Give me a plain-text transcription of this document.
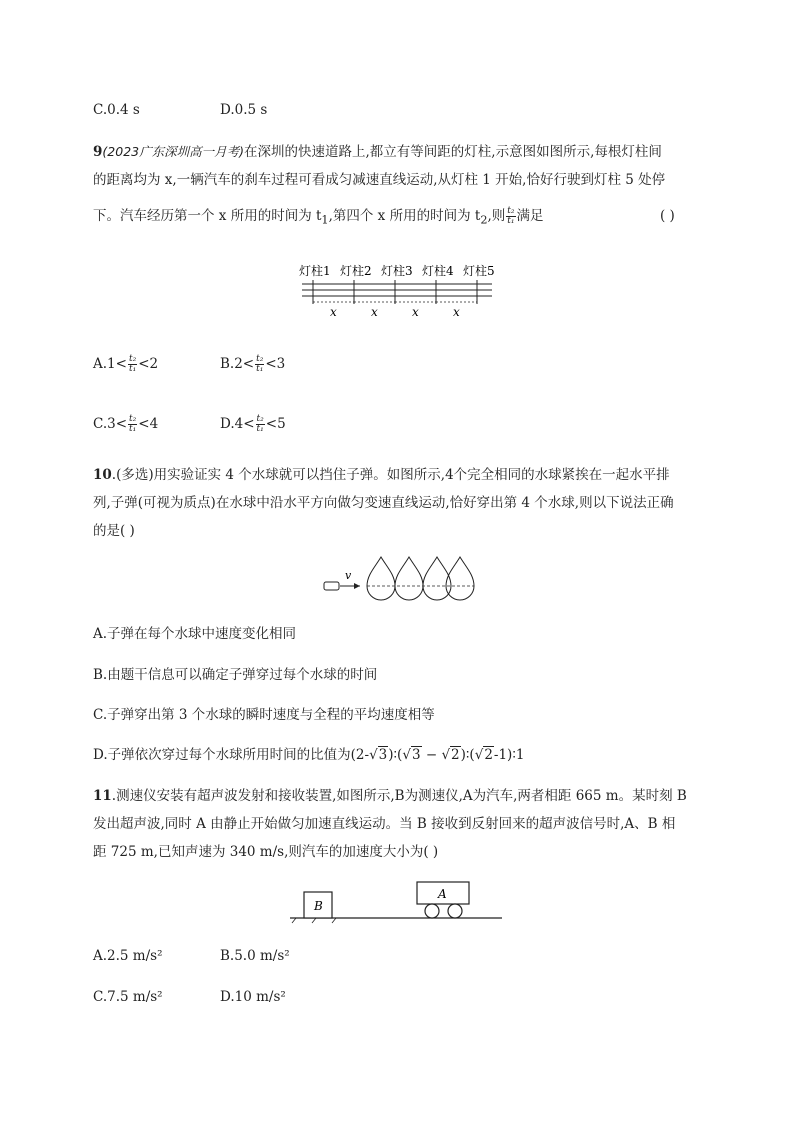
C.0.4 s	D.0.5 s
9(2023广东深圳高一月考)在深圳的快速道路上,都立有等间距的灯柱,示意图如图所示,每根灯柱间
的距离均为 x,一辆汽车的刹车过程可看成匀减速直线运动,从灯柱 1 开始,恰好行驶到灯柱 5 处停
下。汽车经历第一个 x 所用的时间为 $t_1$,第四个 x 所用的时间为 $t_2$,则 $\frac{\text{t₂}}{\text{t₁}}$ 满足	( )
灯柱1 灯柱2 灯柱3 灯柱4 灯柱5
x	x	x	x
$A.1< \frac{\text{t₂}}{\text{t₁}} <2$	$B.2< \frac{\text{t₂}}{\text{t₁}} <3$
$C.3< \frac{\text{t₂}}{\text{t₁}} <4$	$D.4< \frac{\text{t₂}}{\text{t₁}} <5$
10.(多选)用实验证实 4 个水球就可以挡住子弹。如图所示,4个完全相同的水球紧挨在一起水平排
列,子弹(可视为质点)在水球中沿水平方向做匀变速直线运动,恰好穿出第 4 个水球,则以下说法正确
的是( )
v
A.子弹在每个水球中速度变化相同
B.由题干信息可以确定子弹穿过每个水球的时间
C.子弹穿出第 3 个水球的瞬时速度与全程的平均速度相等
D.子弹依次穿过每个水球所用时间的比值为(2-√3)∶(√3 − √2)∶(√2-1)∶1
11.测速仪安装有超声波发射和接收装置,如图所示,B为测速仪,A为汽车,两者相距 665 m。某时刻 B
发出超声波,同时 A 由静止开始做匀加速直线运动。当 B 接收到反射回来的超声波信号时,A、B 相
距 725 m,已知声速为 340 m/s,则汽车的加速度大小为( )
B
A
A.2.5 m/s²	B.5.0 m/s²
C.7.5 m/s²	D.10 m/s²
